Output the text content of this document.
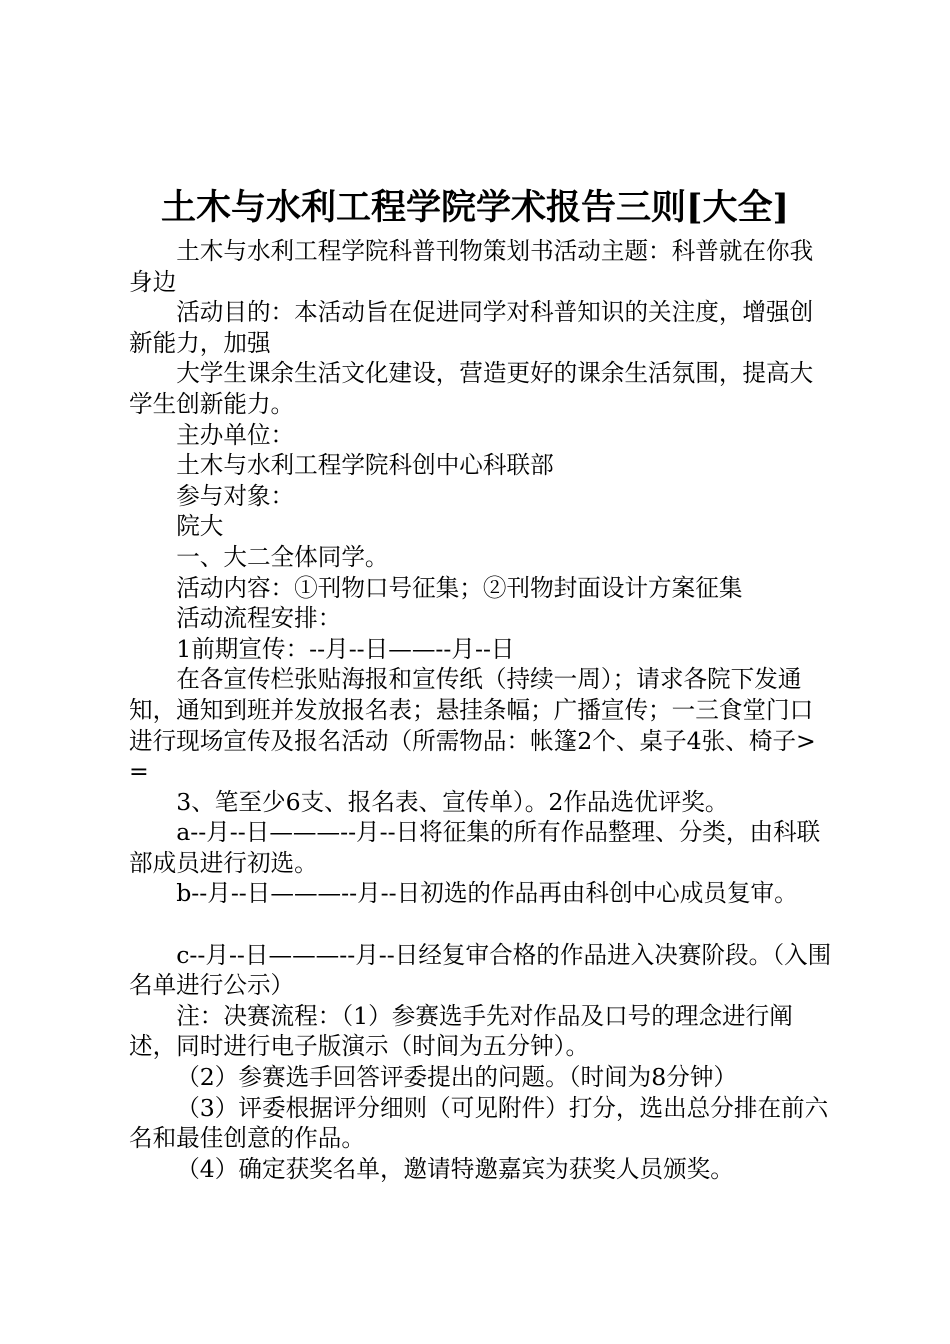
土木与水利工程学院学术报告三则[大全]

土木与水利工程学院科普刊物策划书活动主题：科普就在你我身边

活动目的：本活动旨在促进同学对科普知识的关注度，增强创新能力，加强

大学生课余生活文化建设，营造更好的课余生活氛围，提高大学生创新能力。

主办单位：

土木与水利工程学院科创中心科联部

参与对象：

院大

一、大二全体同学。

活动内容：①刊物口号征集；②刊物封面设计方案征集

活动流程安排：

1前期宣传：--月--日——--月--日

在各宣传栏张贴海报和宣传纸（持续一周）；请求各院下发通知，通知到班并发放报名表；悬挂条幅；广播宣传；一三食堂门口进行现场宣传及报名活动（所需物品：帐篷2个、桌子4张、椅子>=

3、笔至少6支、报名表、宣传单）。2作品选优评奖。

a--月--日———--月--日将征集的所有作品整理、分类，由科联部成员进行初选。

b--月--日———--月--日初选的作品再由科创中心成员复审。

c--月--日———--月--日经复审合格的作品进入决赛阶段。（入围名单进行公示）

注：决赛流程：（1）参赛选手先对作品及口号的理念进行阐述，同时进行电子版演示（时间为五分钟）。

（2）参赛选手回答评委提出的问题。（时间为8分钟）

（3）评委根据评分细则（可见附件）打分，选出总分排在前六名和最佳创意的作品。

（4）确定获奖名单，邀请特邀嘉宾为获奖人员颁奖。
